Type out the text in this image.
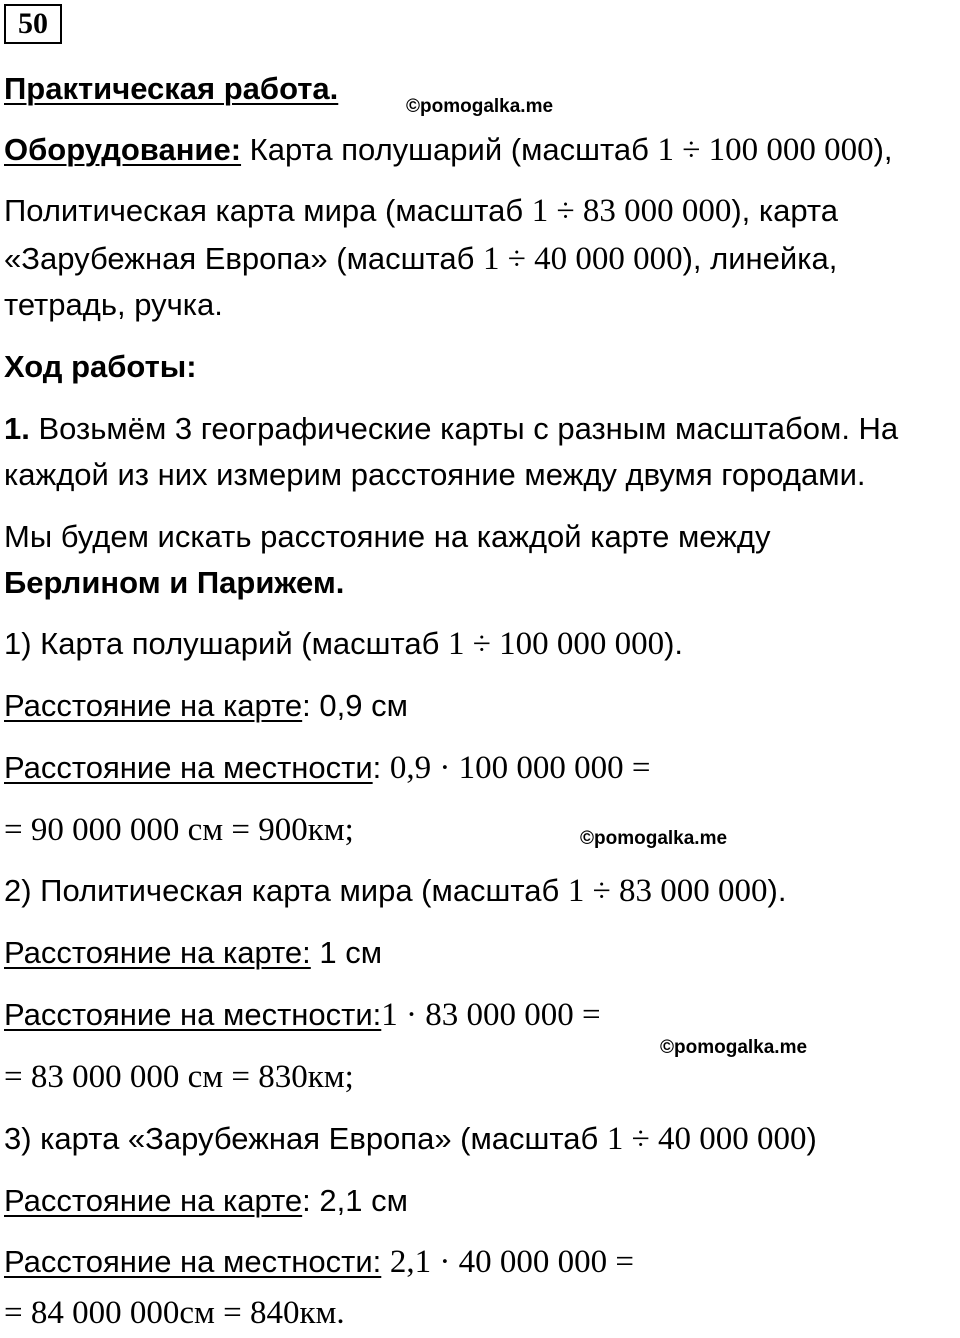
50
Практическая работа.
©pomogalka.me
Оборудование: Карта полушарий (масштаб 1 ÷ 100 000 000),
Политическая карта мира (масштаб 1 ÷ 83 000 000), карта
«Зарубежная Европа» (масштаб 1 ÷ 40 000 000), линейка,
тетрадь, ручка.
Ход работы:
1. Возьмём 3 географические карты с разным масштабом. На
каждой из них измерим расстояние между двумя городами.
Мы будем искать расстояние на каждой карте между
Берлином и Парижем.
1) Карта полушарий (масштаб 1 ÷ 100 000 000).
Расстояние на карте: 0,9 см
Расстояние на местности: 0,9 · 100 000 000 =
= 90 000 000 см = 900км;	©pomogalka.me
2) Политическая карта мира (масштаб 1 ÷ 83 000 000).
Расстояние на карте: 1 см
Расстояние на местности:1 · 83 000 000 =
©pomogalka.me
= 83 000 000 см = 830км;
3) карта «Зарубежная Европа» (масштаб 1 ÷ 40 000 000)
Расстояние на карте: 2,1 см
Расстояние на местности: 2,1 · 40 000 000 =
= 84 000 000см = 840км.
